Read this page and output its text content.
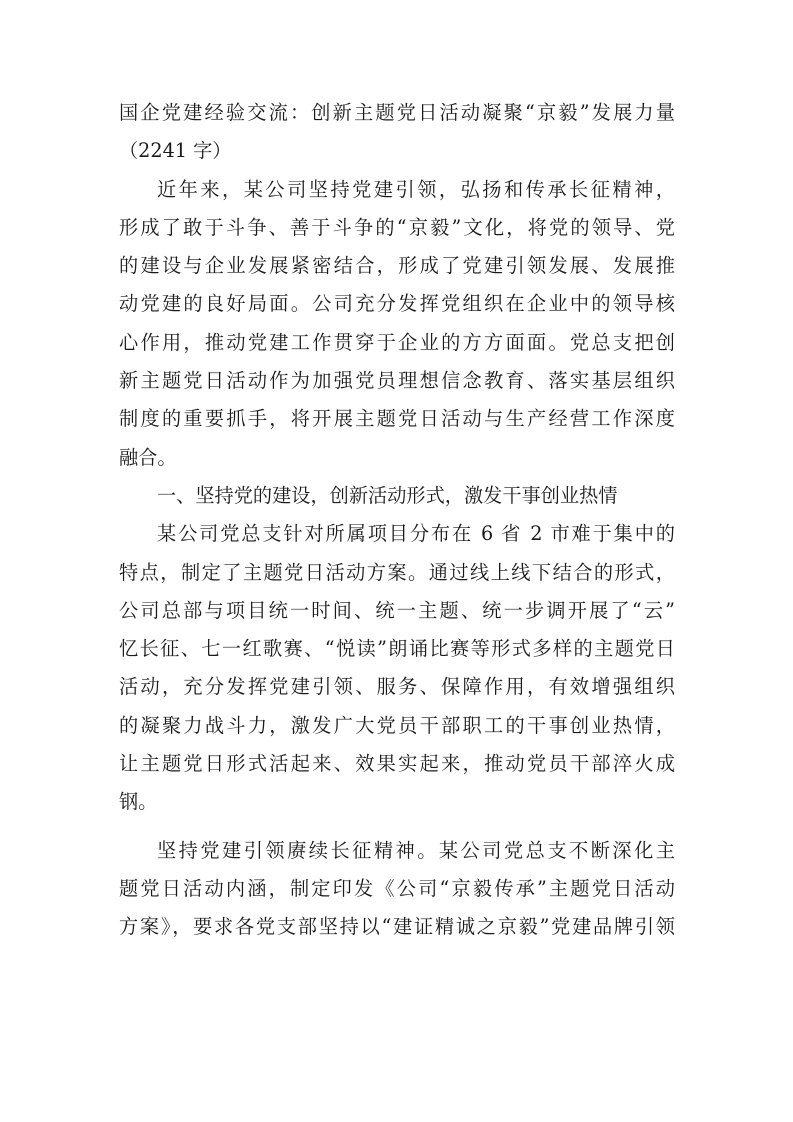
国企党建经验交流：创新主题党日活动凝聚“京毅”发展力量
（2241 字）
近年来，某公司坚持党建引领，弘扬和传承长征精神，
形成了敢于斗争、善于斗争的“京毅”文化，将党的领导、党
的建设与企业发展紧密结合，形成了党建引领发展、发展推
动党建的良好局面。公司充分发挥党组织在企业中的领导核
心作用，推动党建工作贯穿于企业的方方面面。党总支把创
新主题党日活动作为加强党员理想信念教育、落实基层组织
制度的重要抓手，将开展主题党日活动与生产经营工作深度
融合。
一、坚持党的建设，创新活动形式，激发干事创业热情
某公司党总支针对所属项目分布在 6 省 2 市难于集中的
特点，制定了主题党日活动方案。通过线上线下结合的形式，
公司总部与项目统一时间、统一主题、统一步调开展了“云”
忆长征、七一红歌赛、“悦读”朗诵比赛等形式多样的主题党日
活动，充分发挥党建引领、服务、保障作用，有效增强组织
的凝聚力战斗力，激发广大党员干部职工的干事创业热情，
让主题党日形式活起来、效果实起来，推动党员干部淬火成
钢。
坚持党建引领赓续长征精神。某公司党总支不断深化主
题党日活动内涵，制定印发《公司“京毅传承”主题党日活动
方案》，要求各党支部坚持以“建证精诚之京毅”党建品牌引领
